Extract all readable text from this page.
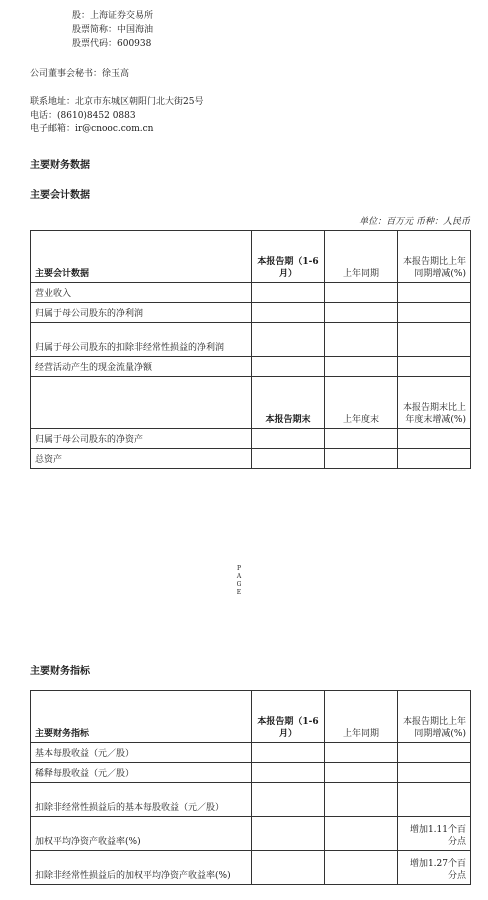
股：上海证券交易所
股票简称：中国海油
股票代码：600938
公司董事会秘书：徐玉高
联系地址：北京市东城区朝阳门北大街25号
电话：(8610)8452 0883
电子邮箱：ir@cnooc.com.cn
主要财务数据
主要会计数据
单位：百万元 币种：人民币
主要会计数据	本报告期（1-6月）	上年同期	本报告期比上年同期增减(%)
营业收入			
归属于母公司股东的净利润			
归属于母公司股东的扣除非经常性损益的净利润			
经营活动产生的现金流量净额			
	本报告期末	上年度末	本报告期末比上年度末增减(%)
归属于母公司股东的净资产			
总资产			
PAGE
主要财务指标
主要财务指标	本报告期（1-6月）	上年同期	本报告期比上年同期增减(%)
基本每股收益（元／股）			
稀释每股收益（元／股）			
扣除非经常性损益后的基本每股收益（元／股）			
加权平均净资产收益率(%)			增加1.11个百分点
扣除非经常性损益后的加权平均净资产收益率(%)			增加1.27个百分点
